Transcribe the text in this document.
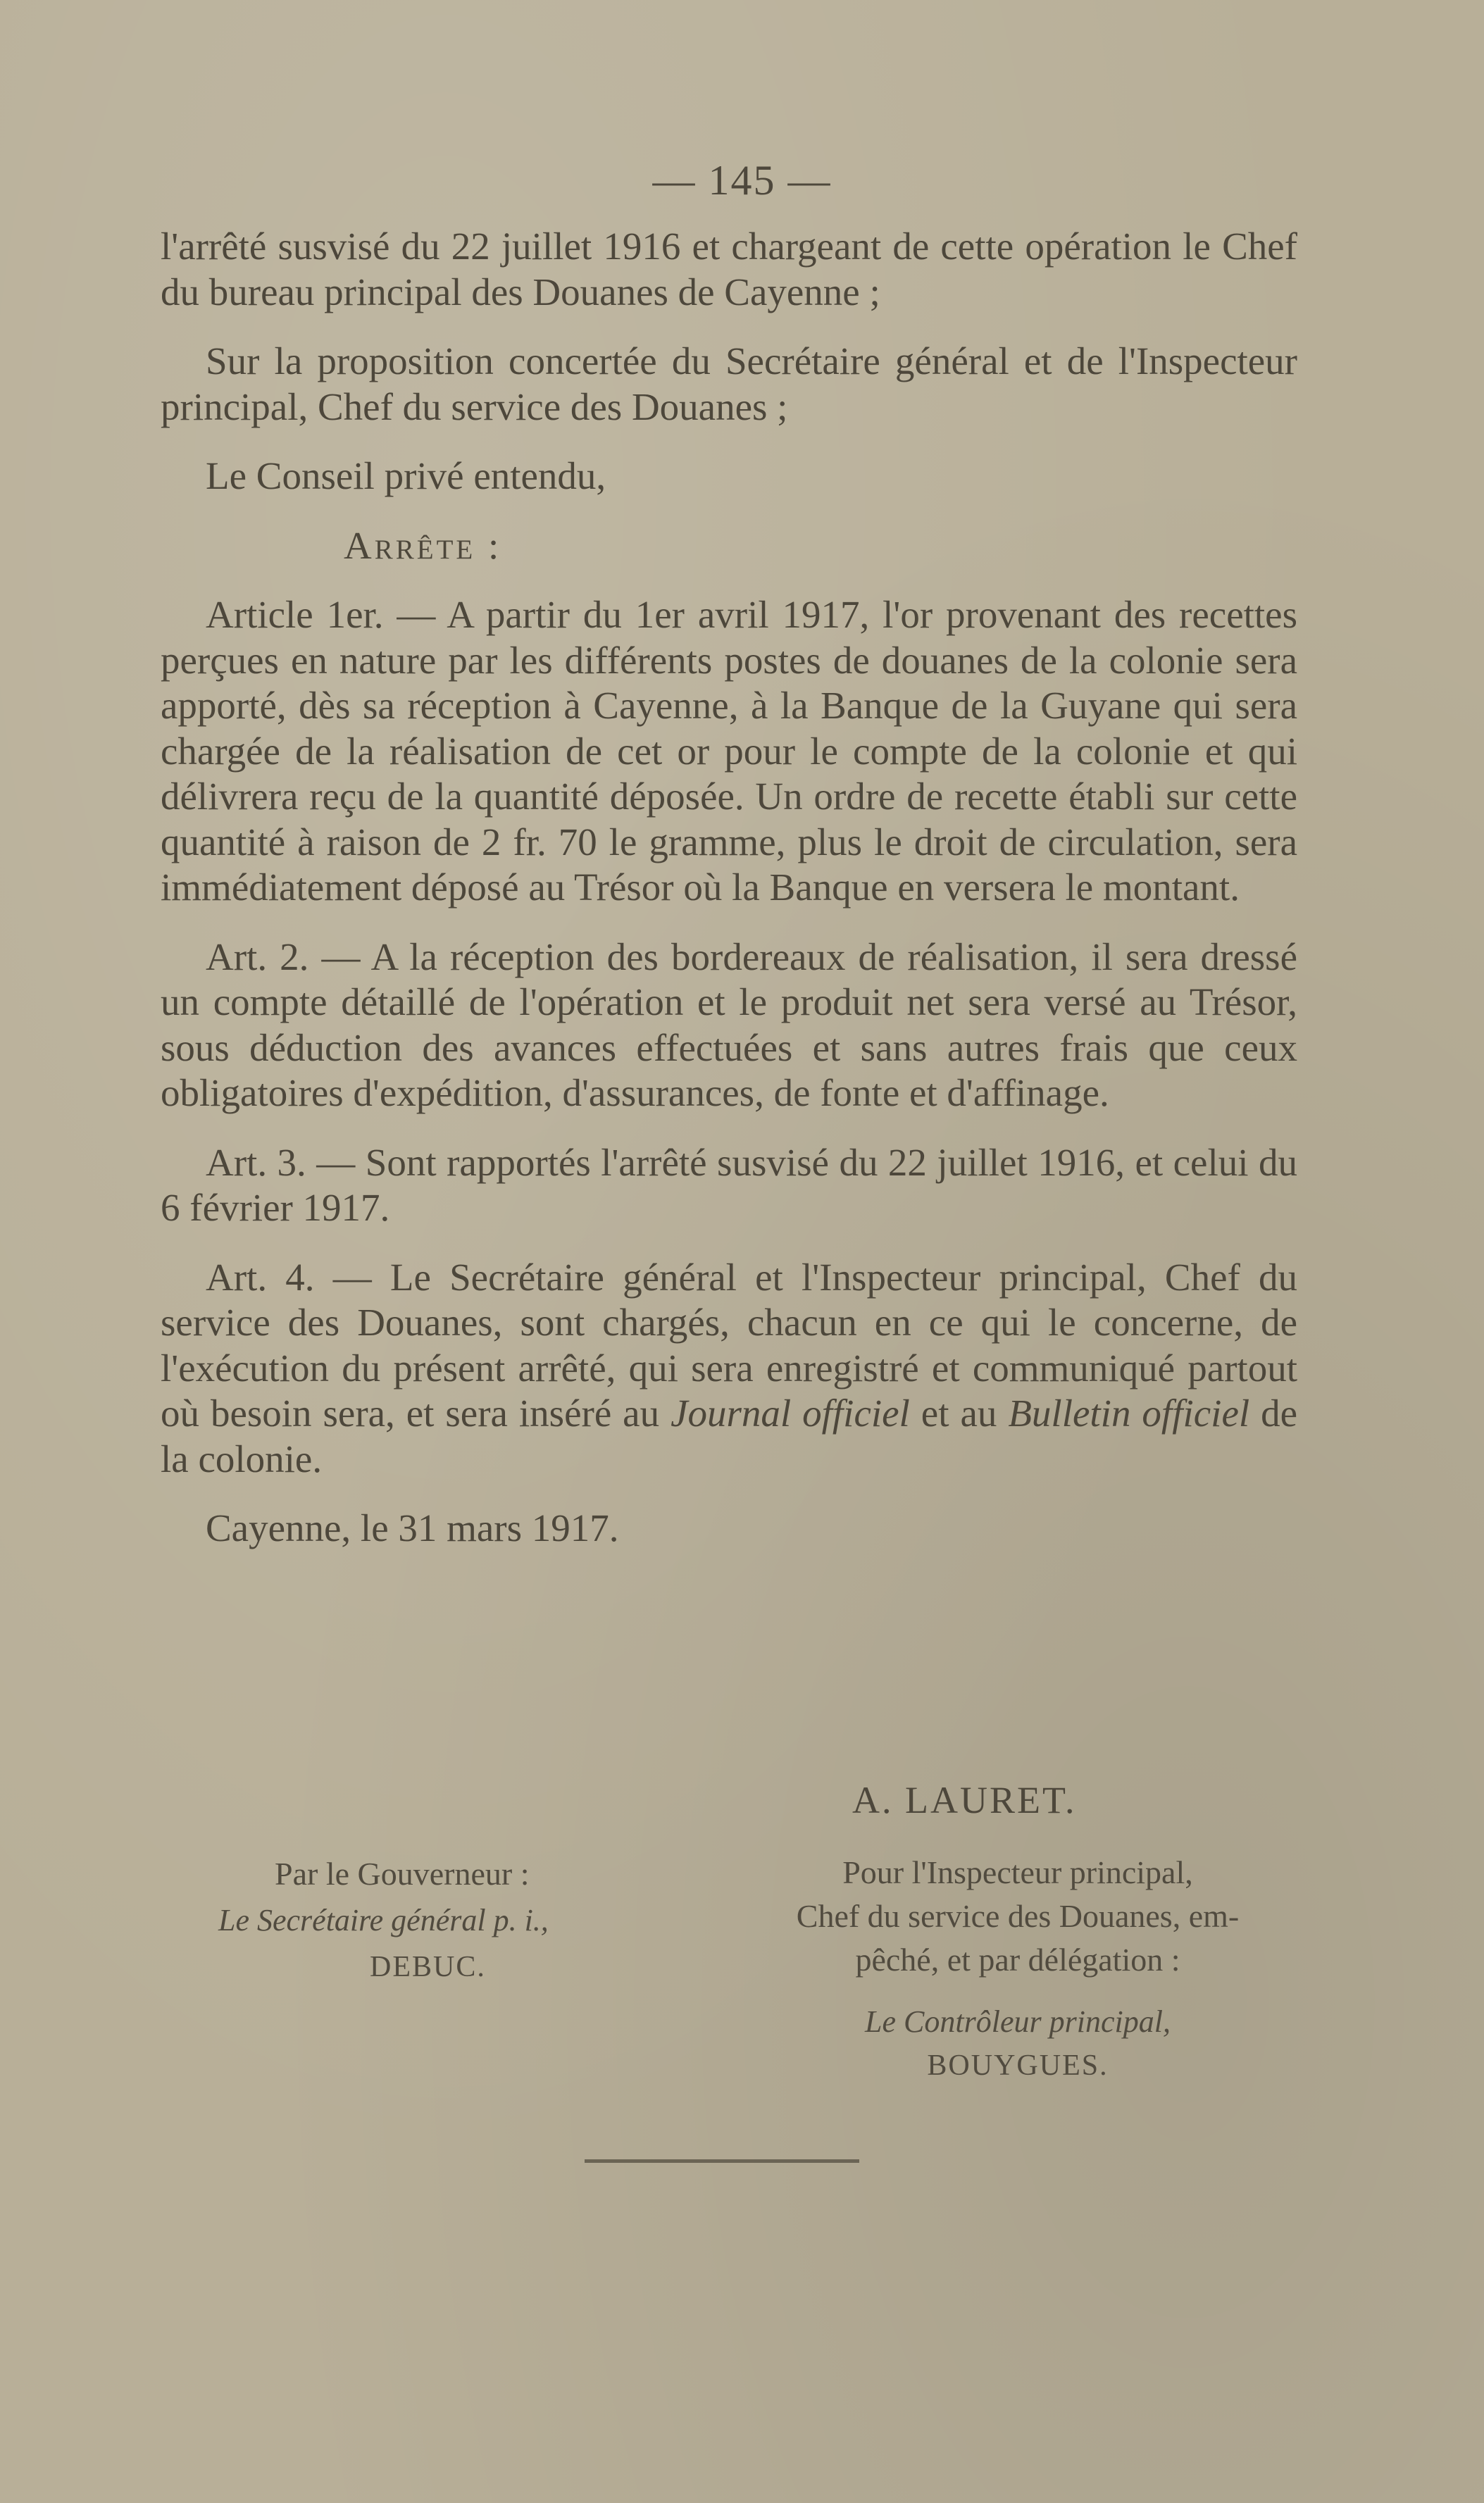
— 145 —

l'arrêté susvisé du 22 juillet 1916 et chargeant de cette opération le Chef du bureau principal des Douanes de Cayenne ;

Sur la proposition concertée du Secrétaire général et de l'Inspecteur principal, Chef du service des Douanes ;

Le Conseil privé entendu,

Arrête :

Article 1er. — A partir du 1er avril 1917, l'or provenant des recettes perçues en nature par les différents postes de douanes de la colonie sera apporté, dès sa réception à Cayenne, à la Banque de la Guyane qui sera chargée de la réalisation de cet or pour le compte de la colonie et qui délivrera reçu de la quantité déposée. Un ordre de recette établi sur cette quantité à raison de 2 fr. 70 le gramme, plus le droit de circulation, sera immédiatement déposé au Trésor où la Banque en versera le montant.

Art. 2. — A la réception des bordereaux de réalisation, il sera dressé un compte détaillé de l'opération et le produit net sera versé au Trésor, sous déduction des avances effectuées et sans autres frais que ceux obligatoires d'expédition, d'assurances, de fonte et d'affinage.

Art. 3. — Sont rapportés l'arrêté susvisé du 22 juillet 1916, et celui du 6 février 1917.

Art. 4. — Le Secrétaire général et l'Inspecteur principal, Chef du service des Douanes, sont chargés, chacun en ce qui le concerne, de l'exécution du présent arrêté, qui sera enregistré et communiqué partout où besoin sera, et sera inséré au Journal officiel et au Bulletin officiel de la colonie.

Cayenne, le 31 mars 1917.

A. LAURET.
Par le Gouverneur :
Le Secrétaire général p. i.,
DEBUC.
Pour l'Inspecteur principal,
Chef du service des Douanes, em-
pêché, et par délégation :
Le Contrôleur principal,
BOUYGUES.
